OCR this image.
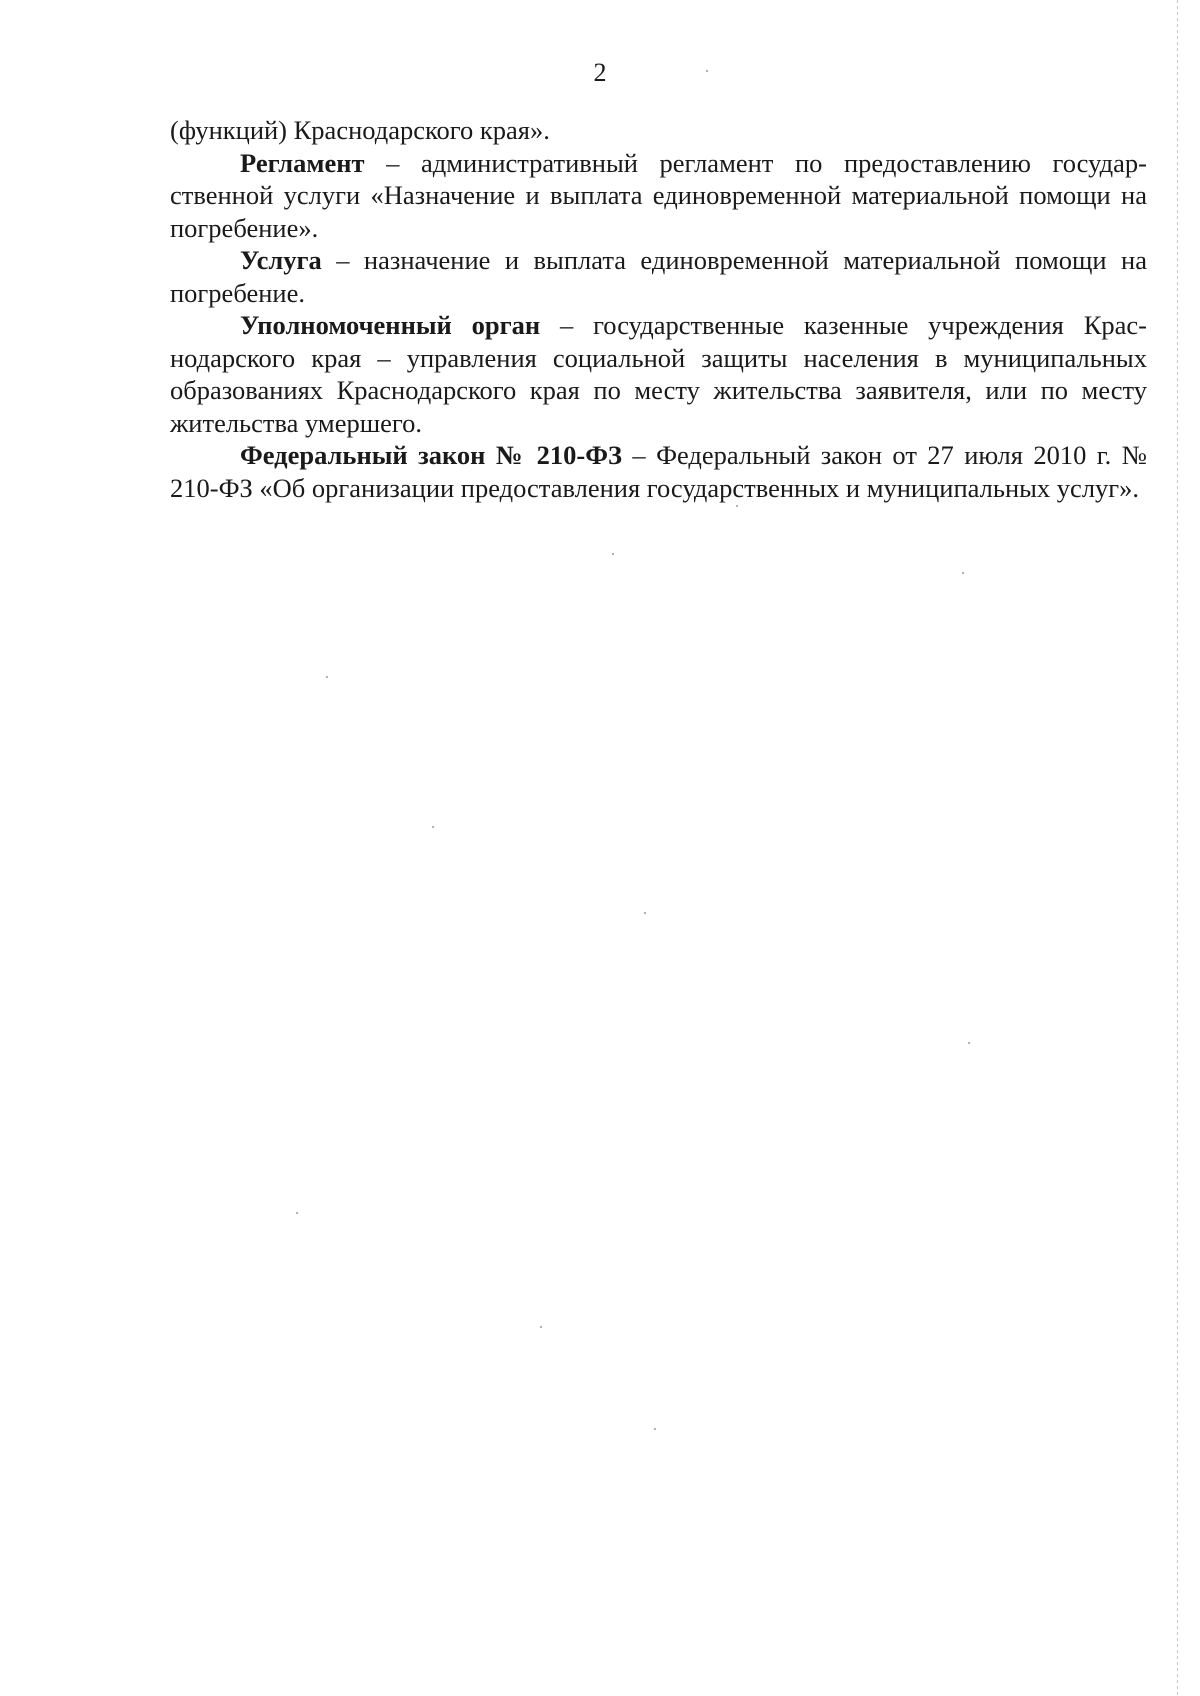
2

(функций) Краснодарского края».

Регламент – административный регламент по предоставлению государственной услуги «Назначение и выплата единовременной материальной помощи на погребение».

Услуга – назначение и выплата единовременной материальной помощи на погребение.

Уполномоченный орган – государственные казенные учреждения Краснодарского края – управления социальной защиты населения в муниципальных образованиях Краснодарского края по месту жительства заявителя, или по месту жительства умершего.

Федеральный закон № 210-ФЗ – Федеральный закон от 27 июля 2010 г. № 210-ФЗ «Об организации предоставления государственных и муниципальных услуг».
